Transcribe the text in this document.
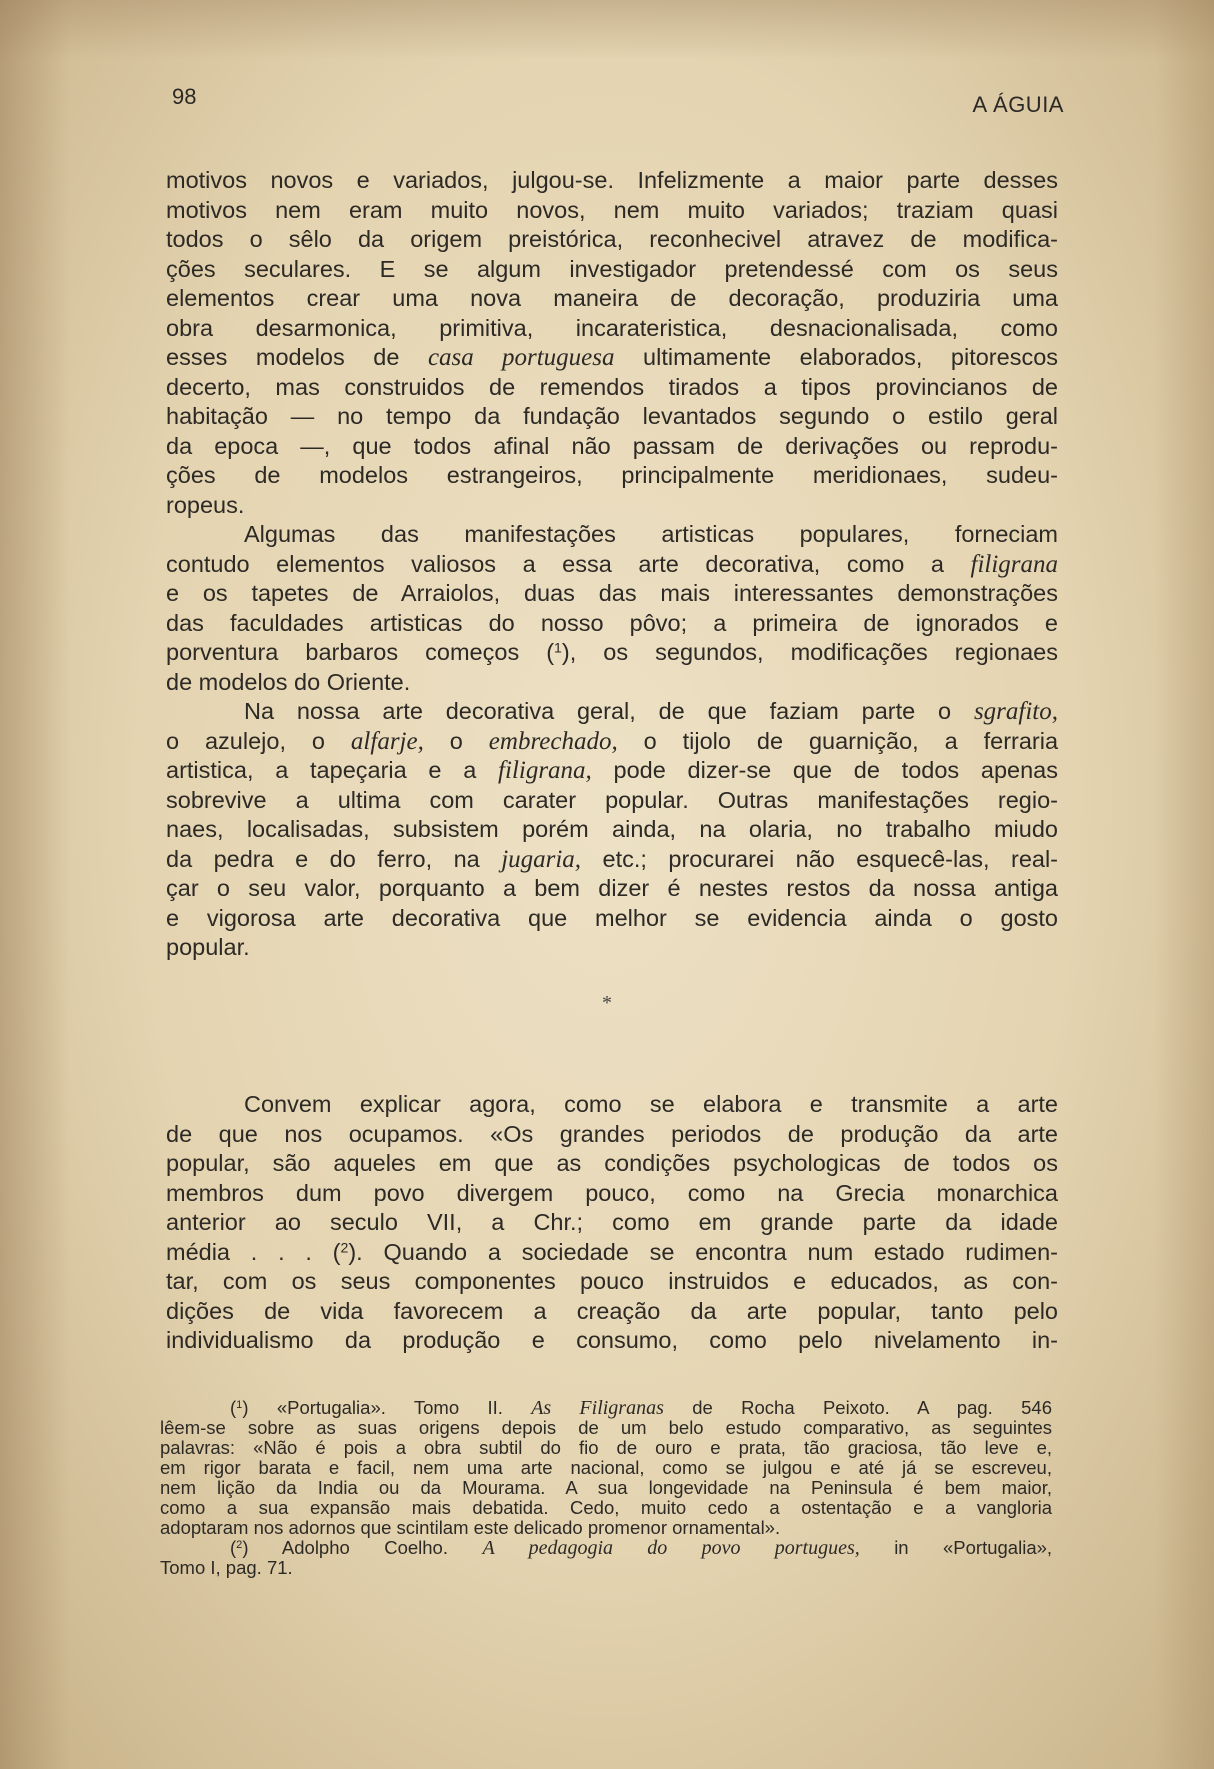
98	A ÁGUIA
motivos novos e variados, julgou-se. Infelizmente a maior parte desses
motivos nem eram muito novos, nem muito variados; traziam quasi
todos o sêlo da origem preistórica, reconhecivel atravez de modifica-
ções seculares. E se algum investigador pretendessé com os seus
elementos crear uma nova maneira de decoração, produziria uma
obra desarmonica, primitiva, incarateristica, desnacionalisada, como
esses modelos de casa portuguesa ultimamente elaborados, pitorescos
decerto, mas construidos de remendos tirados a tipos provincianos de
habitação — no tempo da fundação levantados segundo o estilo geral
da epoca —, que todos afinal não passam de derivações ou reprodu-
ções de modelos estrangeiros, principalmente meridionaes, sudeu-
ropeus.
Algumas das manifestações artisticas populares, forneciam
contudo elementos valiosos a essa arte decorativa, como a filigrana
e os tapetes de Arraiolos, duas das mais interessantes demonstrações
das faculdades artisticas do nosso pôvo; a primeira de ignorados e
porventura barbaros começos ($^1$), os segundos, modificações regionaes
de modelos do Oriente.
Na nossa arte decorativa geral, de que faziam parte o sgrafito,
o azulejo, o alfarje, o embrechado, o tijolo de guarnição, a ferraria
artistica, a tapeçaria e a filigrana, pode dizer-se que de todos apenas
sobrevive a ultima com carater popular. Outras manifestações regio-
naes, localisadas, subsistem porém ainda, na olaria, no trabalho miudo
da pedra e do ferro, na jugaria, etc.; procurarei não esquecê-las, real-
çar o seu valor, porquanto a bem dizer é nestes restos da nossa antiga
e vigorosa arte decorativa que melhor se evidencia ainda o gosto
popular.
*
Convem explicar agora, como se elabora e transmite a arte
de que nos ocupamos. «Os grandes periodos de produção da arte
popular, são aqueles em que as condições psychologicas de todos os
membros dum povo divergem pouco, como na Grecia monarchica
anterior ao seculo VII, a Chr.; como em grande parte da idade
média . . . ($^2$). Quando a sociedade se encontra num estado rudimen-
tar, com os seus componentes pouco instruidos e educados, as con-
dições de vida favorecem a creação da arte popular, tanto pelo
individualismo da produção e consumo, como pelo nivelamento in-
($^1$) «Portugalia». Tomo II. As Filigranas de Rocha Peixoto. A pag. 546
lêem-se sobre as suas origens depois de um belo estudo comparativo, as seguintes
palavras: «Não é pois a obra subtil do fio de ouro e prata, tão graciosa, tão leve e,
em rigor barata e facil, nem uma arte nacional, como se julgou e até já se escreveu,
nem lição da India ou da Mourama. A sua longevidade na Peninsula é bem maior,
como a sua expansão mais debatida. Cedo, muito cedo a ostentação e a vangloria
adoptaram nos adornos que scintilam este delicado promenor ornamental».
($^2$) Adolpho Coelho. A pedagogia do povo portugues, in «Portugalia»,
Tomo I, pag. 71.
